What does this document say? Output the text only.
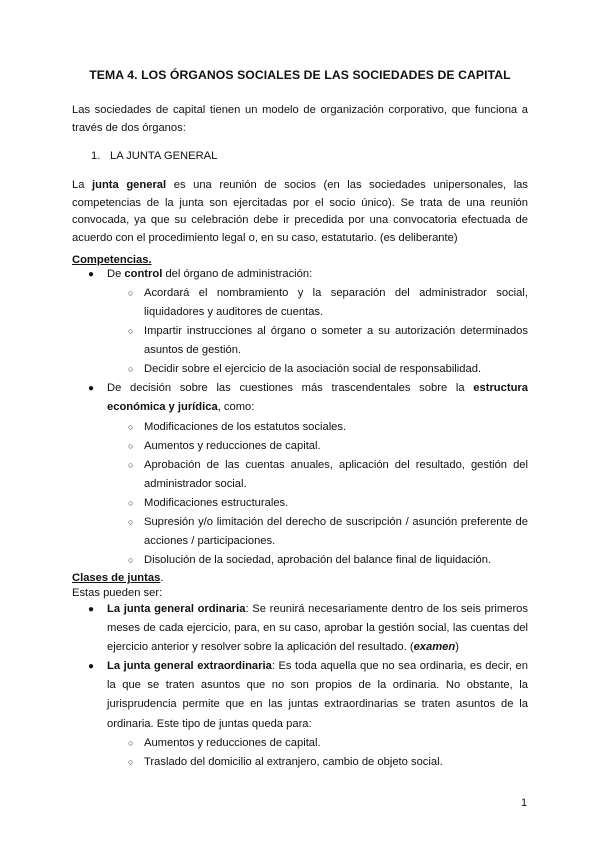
TEMA 4. LOS ÓRGANOS SOCIALES DE LAS SOCIEDADES DE CAPITAL
Las sociedades de capital tienen un modelo de organización corporativo, que funciona a través de dos órganos:
1. LA JUNTA GENERAL
La junta general es una reunión de socios (en las sociedades unipersonales, las competencias de la junta son ejercitadas por el socio único). Se trata de una reunión convocada, ya que su celebración debe ir precedida por una convocatoria efectuada de acuerdo con el procedimiento legal o, en su caso, estatutario. (es deliberante)
Competencias.
● De control del órgano de administración:
○ Acordará el nombramiento y la separación del administrador social, liquidadores y auditores de cuentas.
○ Impartir instrucciones al órgano o someter a su autorización determinados asuntos de gestión.
○ Decidir sobre el ejercicio de la asociación social de responsabilidad.
● De decisión sobre las cuestiones más trascendentales sobre la estructura económica y jurídica, como:
○ Modificaciones de los estatutos sociales.
○ Aumentos y reducciones de capital.
○ Aprobación de las cuentas anuales, aplicación del resultado, gestión del administrador social.
○ Modificaciones estructurales.
○ Supresión y/o limitación del derecho de suscripción / asunción preferente de acciones / participaciones.
○ Disolución de la sociedad, aprobación del balance final de liquidación.
Clases de juntas.
Estas pueden ser:
● La junta general ordinaria: Se reunirá necesariamente dentro de los seis primeros meses de cada ejercicio, para, en su caso, aprobar la gestión social, las cuentas del ejercicio anterior y resolver sobre la aplicación del resultado. (examen)
● La junta general extraordinaria: Es toda aquella que no sea ordinaria, es decir, en la que se traten asuntos que no son propios de la ordinaria. No obstante, la jurisprudencia permite que en las juntas extraordinarias se traten asuntos de la ordinaria. Este tipo de juntas queda para:
○ Aumentos y reducciones de capital.
○ Traslado del domicilio al extranjero, cambio de objeto social.
1
